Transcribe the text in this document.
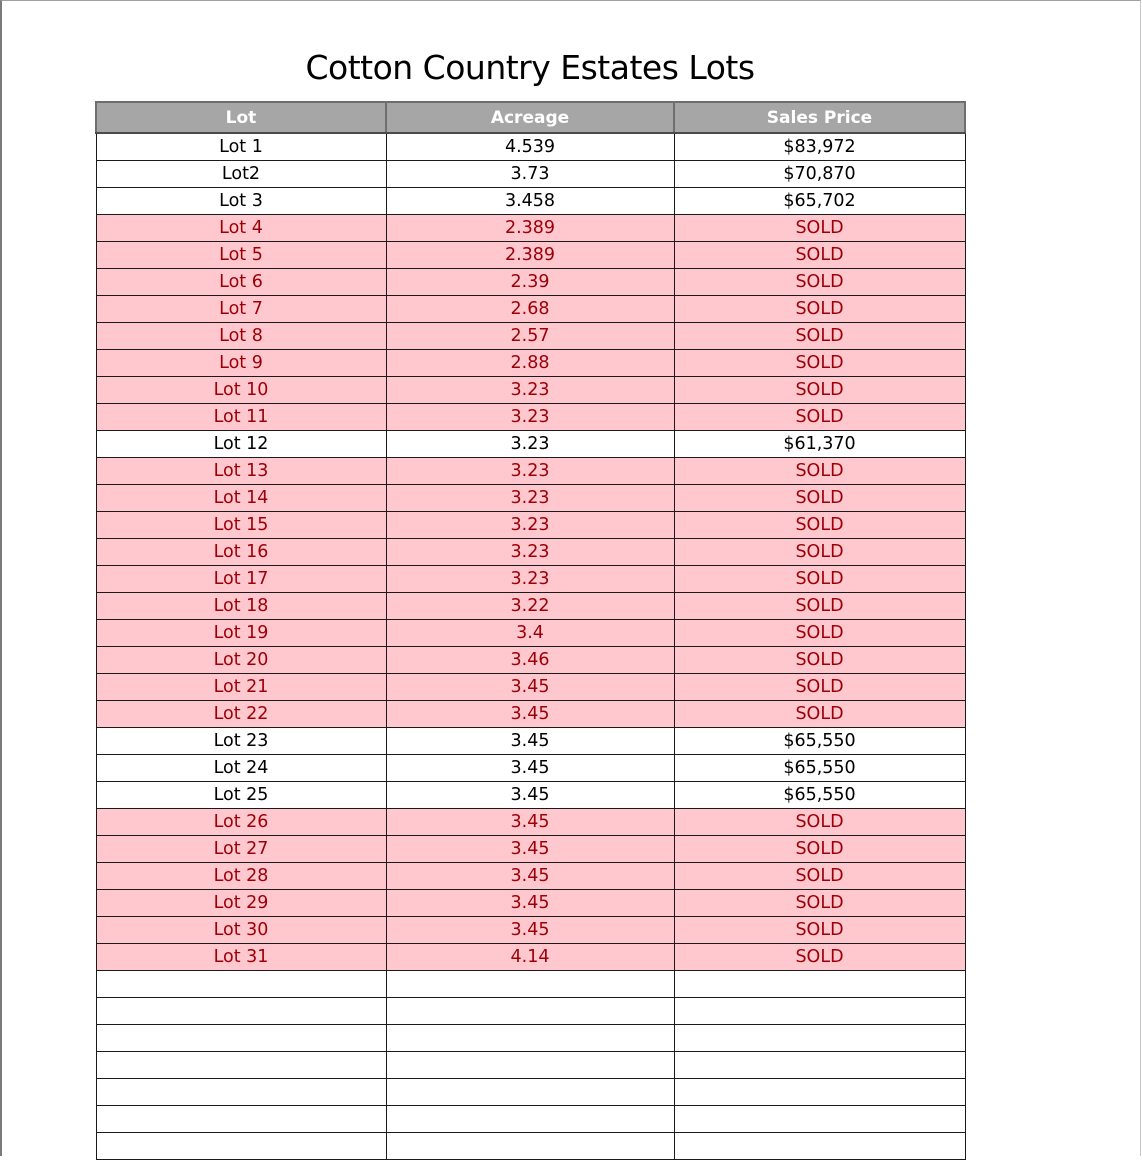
Cotton Country Estates Lots
Lot	Acreage	Sales Price
Lot 1	4.539	$83,972
Lot2	3.73	$70,870
Lot 3	3.458	$65,702
Lot 4	2.389	SOLD
Lot 5	2.389	SOLD
Lot 6	2.39	SOLD
Lot 7	2.68	SOLD
Lot 8	2.57	SOLD
Lot 9	2.88	SOLD
Lot 10	3.23	SOLD
Lot 11	3.23	SOLD
Lot 12	3.23	$61,370
Lot 13	3.23	SOLD
Lot 14	3.23	SOLD
Lot 15	3.23	SOLD
Lot 16	3.23	SOLD
Lot 17	3.23	SOLD
Lot 18	3.22	SOLD
Lot 19	3.4	SOLD
Lot 20	3.46	SOLD
Lot 21	3.45	SOLD
Lot 22	3.45	SOLD
Lot 23	3.45	$65,550
Lot 24	3.45	$65,550
Lot 25	3.45	$65,550
Lot 26	3.45	SOLD
Lot 27	3.45	SOLD
Lot 28	3.45	SOLD
Lot 29	3.45	SOLD
Lot 30	3.45	SOLD
Lot 31	4.14	SOLD
